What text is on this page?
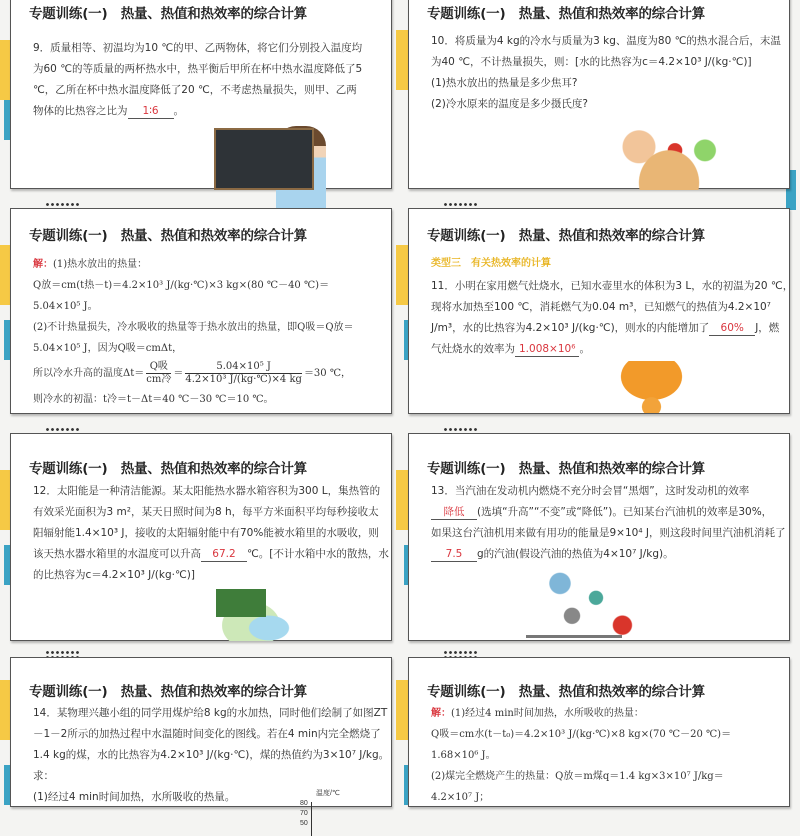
专题训练(一)　热量、热值和热效率的综合计算
9．质量相等、初温均为10 ℃的甲、乙两物体，将它们分别投入温度均
为60 ℃的等质量的两杯热水中，热平衡后甲所在杯中热水温度降低了5
℃，乙所在杯中热水温度降低了20 ℃，不考虑热量损失，则甲、乙两
物体的比热容之比为 1∶6 。
专题训练(一)　热量、热值和热效率的综合计算
10．将质量为4 kg的冷水与质量为3 kg、温度为80 ℃的热水混合后，末温
为40 ℃，不计热量损失，则：[水的比热容为c＝4.2×10³ J/(kg·℃)]
(1)热水放出的热量是多少焦耳?
(2)冷水原来的温度是多少摄氏度?
专题训练(一)　热量、热值和热效率的综合计算
解：(1)热水放出的热量：
Q放＝cm(t热－t)＝4.2×10³ J/(kg·℃)×3 kg×(80 ℃－40 ℃)＝
5.04×10⁵ J。
(2)不计热量损失，冷水吸收的热量等于热水放出的热量，即Q吸＝Q放＝
5.04×10⁵ J，因为Q吸＝cmΔt，
所以冷水升高的温度$\Delta t= \frac{\text{Q吸}}{\text{cm冷}} = \frac{\text{5.04×10⁵ J}}{\text{4.2×10³ J/(kg·℃)×4 kg}} =30$ ℃，
则冷水的初温：t冷＝t－Δt＝40 ℃－30 ℃＝10 ℃。
专题训练(一)　热量、热值和热效率的综合计算
类型三　有关热效率的计算
11．小明在家用燃气灶烧水，已知水壶里水的体积为3 L，水的初温为20 ℃，
现将水加热至100 ℃，消耗燃气为0.04 m³，已知燃气的热值为4.2×10⁷
J/m³，水的比热容为4.2×10³ J/(kg·℃)，则水的内能增加了 60% J，燃
气灶烧水的效率为 1.008×10⁶ 。
专题训练(一)　热量、热值和热效率的综合计算
12．太阳能是一种清洁能源。某太阳能热水器水箱容积为300 L，集热管的
有效采光面积为3 m²，某天日照时间为8 h，每平方米面积平均每秒接收太
阳辐射能1.4×10³ J，接收的太阳辐射能中有70%能被水箱里的水吸收，则
该天热水器水箱里的水温度可以升高 67.2 ℃。[不计水箱中水的散热，水
的比热容为c＝4.2×10³ J/(kg·℃)]
专题训练(一)　热量、热值和热效率的综合计算
13．当汽油在发动机内燃烧不充分时会冒“黑烟”，这时发动机的效率
降低 (选填“升高”“不变”或“降低”)。已知某台汽油机的效率是30%，
如果这台汽油机用来做有用功的能量是9×10⁴ J，则这段时间里汽油机消耗了
7.5 g的汽油(假设汽油的热值为4×10⁷ J/kg)。
专题训练(一)　热量、热值和热效率的综合计算
14．某物理兴趣小组的同学用煤炉给8 kg的水加热，同时他们绘制了如图ZT
－1－2所示的加热过程中水温随时间变化的图线。若在4 min内完全燃烧了
1.4 kg的煤，水的比热容为4.2×10³ J/(kg·℃)，煤的热值约为3×10⁷ J/kg。
求：
(1)经过4 min时间加热，水所吸收的热量。	温度/℃
80
70
50
专题训练(一)　热量、热值和热效率的综合计算
解：(1)经过4 min时间加热，水所吸收的热量：
Q吸＝cm水(t－t₀)＝4.2×10³ J/(kg·℃)×8 kg×(70 ℃－20 ℃)＝
1.68×10⁶ J。
(2)煤完全燃烧产生的热量：Q放＝m煤q＝1.4 kg×3×10⁷ J/kg＝
4.2×10⁷ J；
